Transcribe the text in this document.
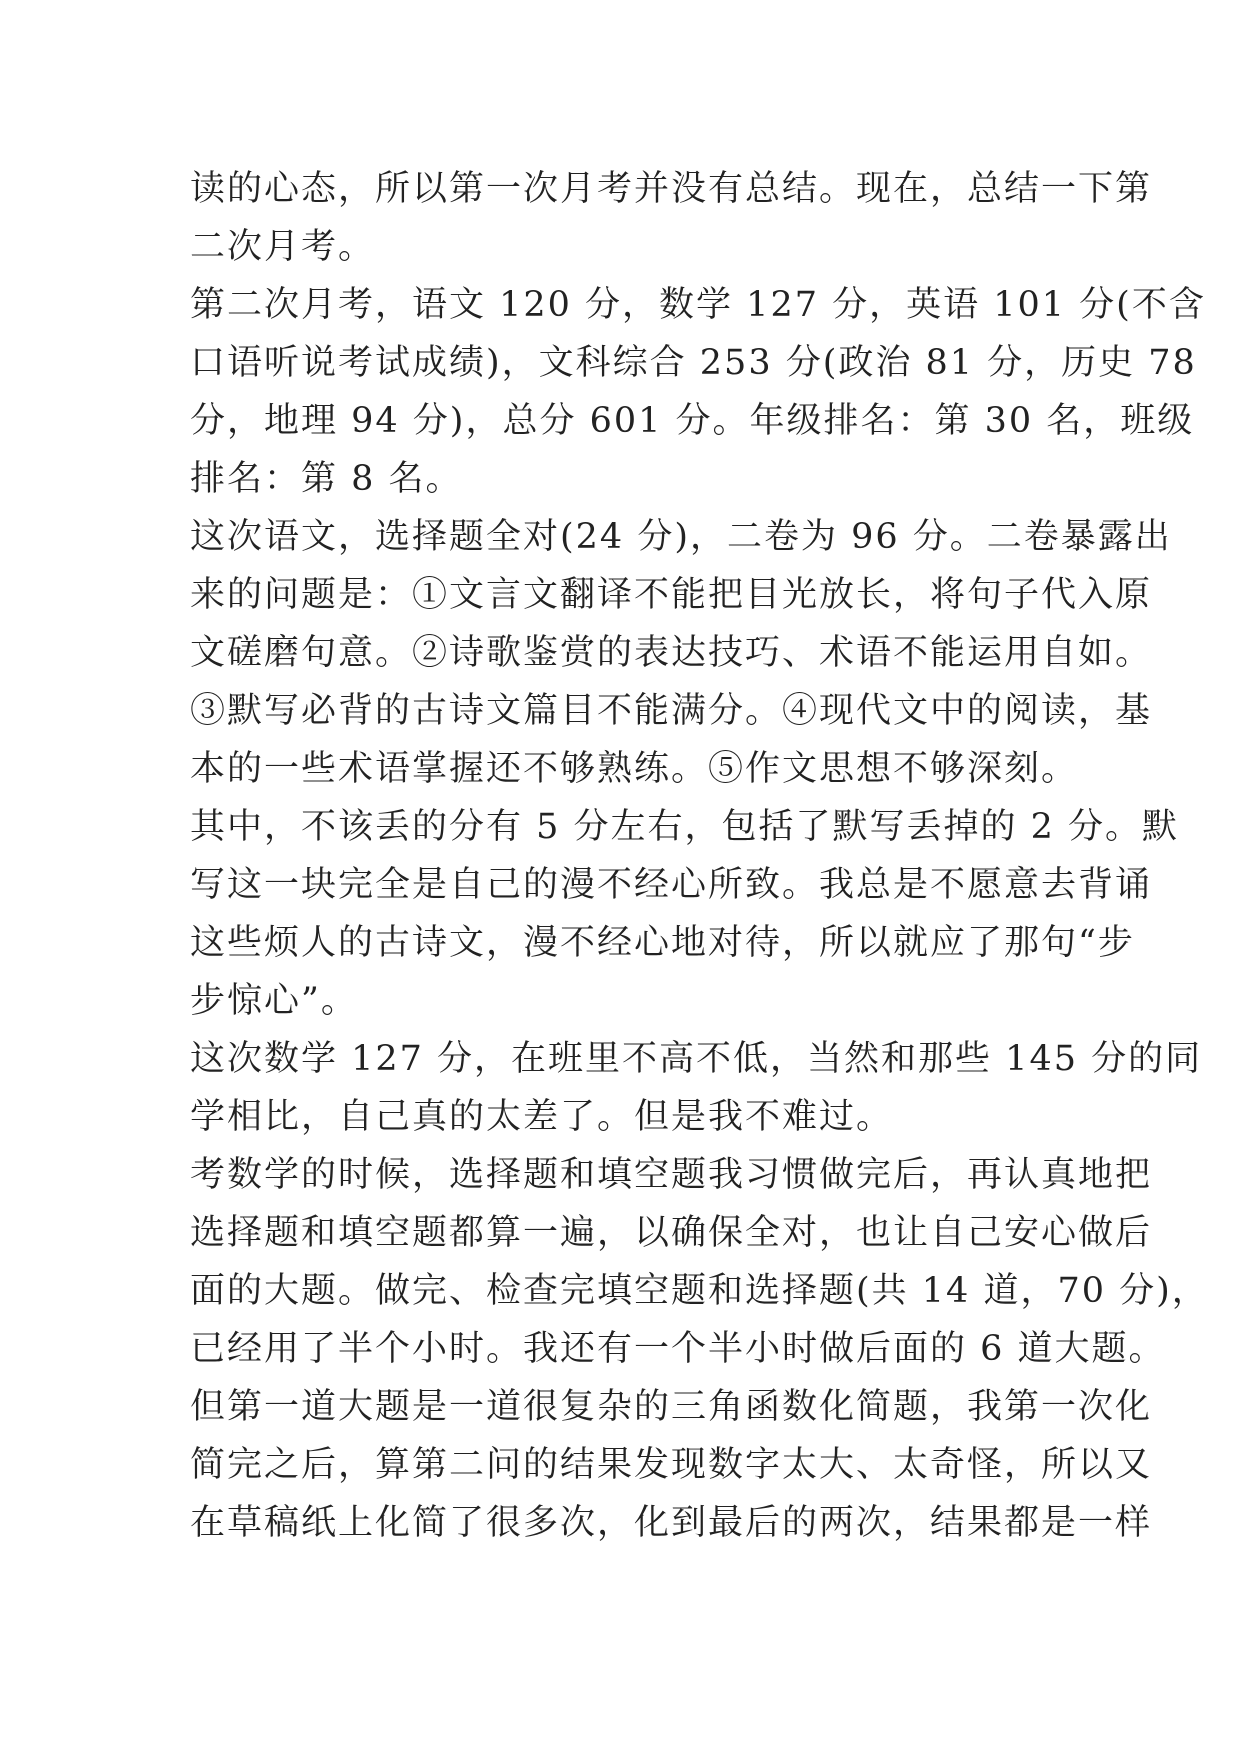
读的心态，所以第一次月考并没有总结。现在，总结一下第
二次月考。
第二次月考，语文 120 分，数学 127 分，英语 101 分(不含
口语听说考试成绩)，文科综合 253 分(政治 81 分，历史 78
分，地理 94 分)，总分 601 分。年级排名：第 30 名，班级
排名：第 8 名。
这次语文，选择题全对(24 分)，二卷为 96 分。二卷暴露出
来的问题是：①文言文翻译不能把目光放长，将句子代入原
文磋磨句意。②诗歌鉴赏的表达技巧、术语不能运用自如。
③默写必背的古诗文篇目不能满分。④现代文中的阅读，基
本的一些术语掌握还不够熟练。⑤作文思想不够深刻。
其中，不该丢的分有 5 分左右，包括了默写丢掉的 2 分。默
写这一块完全是自己的漫不经心所致。我总是不愿意去背诵
这些烦人的古诗文，漫不经心地对待，所以就应了那句“步
步惊心”。
这次数学 127 分，在班里不高不低，当然和那些 145 分的同
学相比，自己真的太差了。但是我不难过。
考数学的时候，选择题和填空题我习惯做完后，再认真地把
选择题和填空题都算一遍，以确保全对，也让自己安心做后
面的大题。做完、检查完填空题和选择题(共 14 道，70 分)，
已经用了半个小时。我还有一个半小时做后面的 6 道大题。
但第一道大题是一道很复杂的三角函数化简题，我第一次化
简完之后，算第二问的结果发现数字太大、太奇怪，所以又
在草稿纸上化简了很多次，化到最后的两次，结果都是一样
